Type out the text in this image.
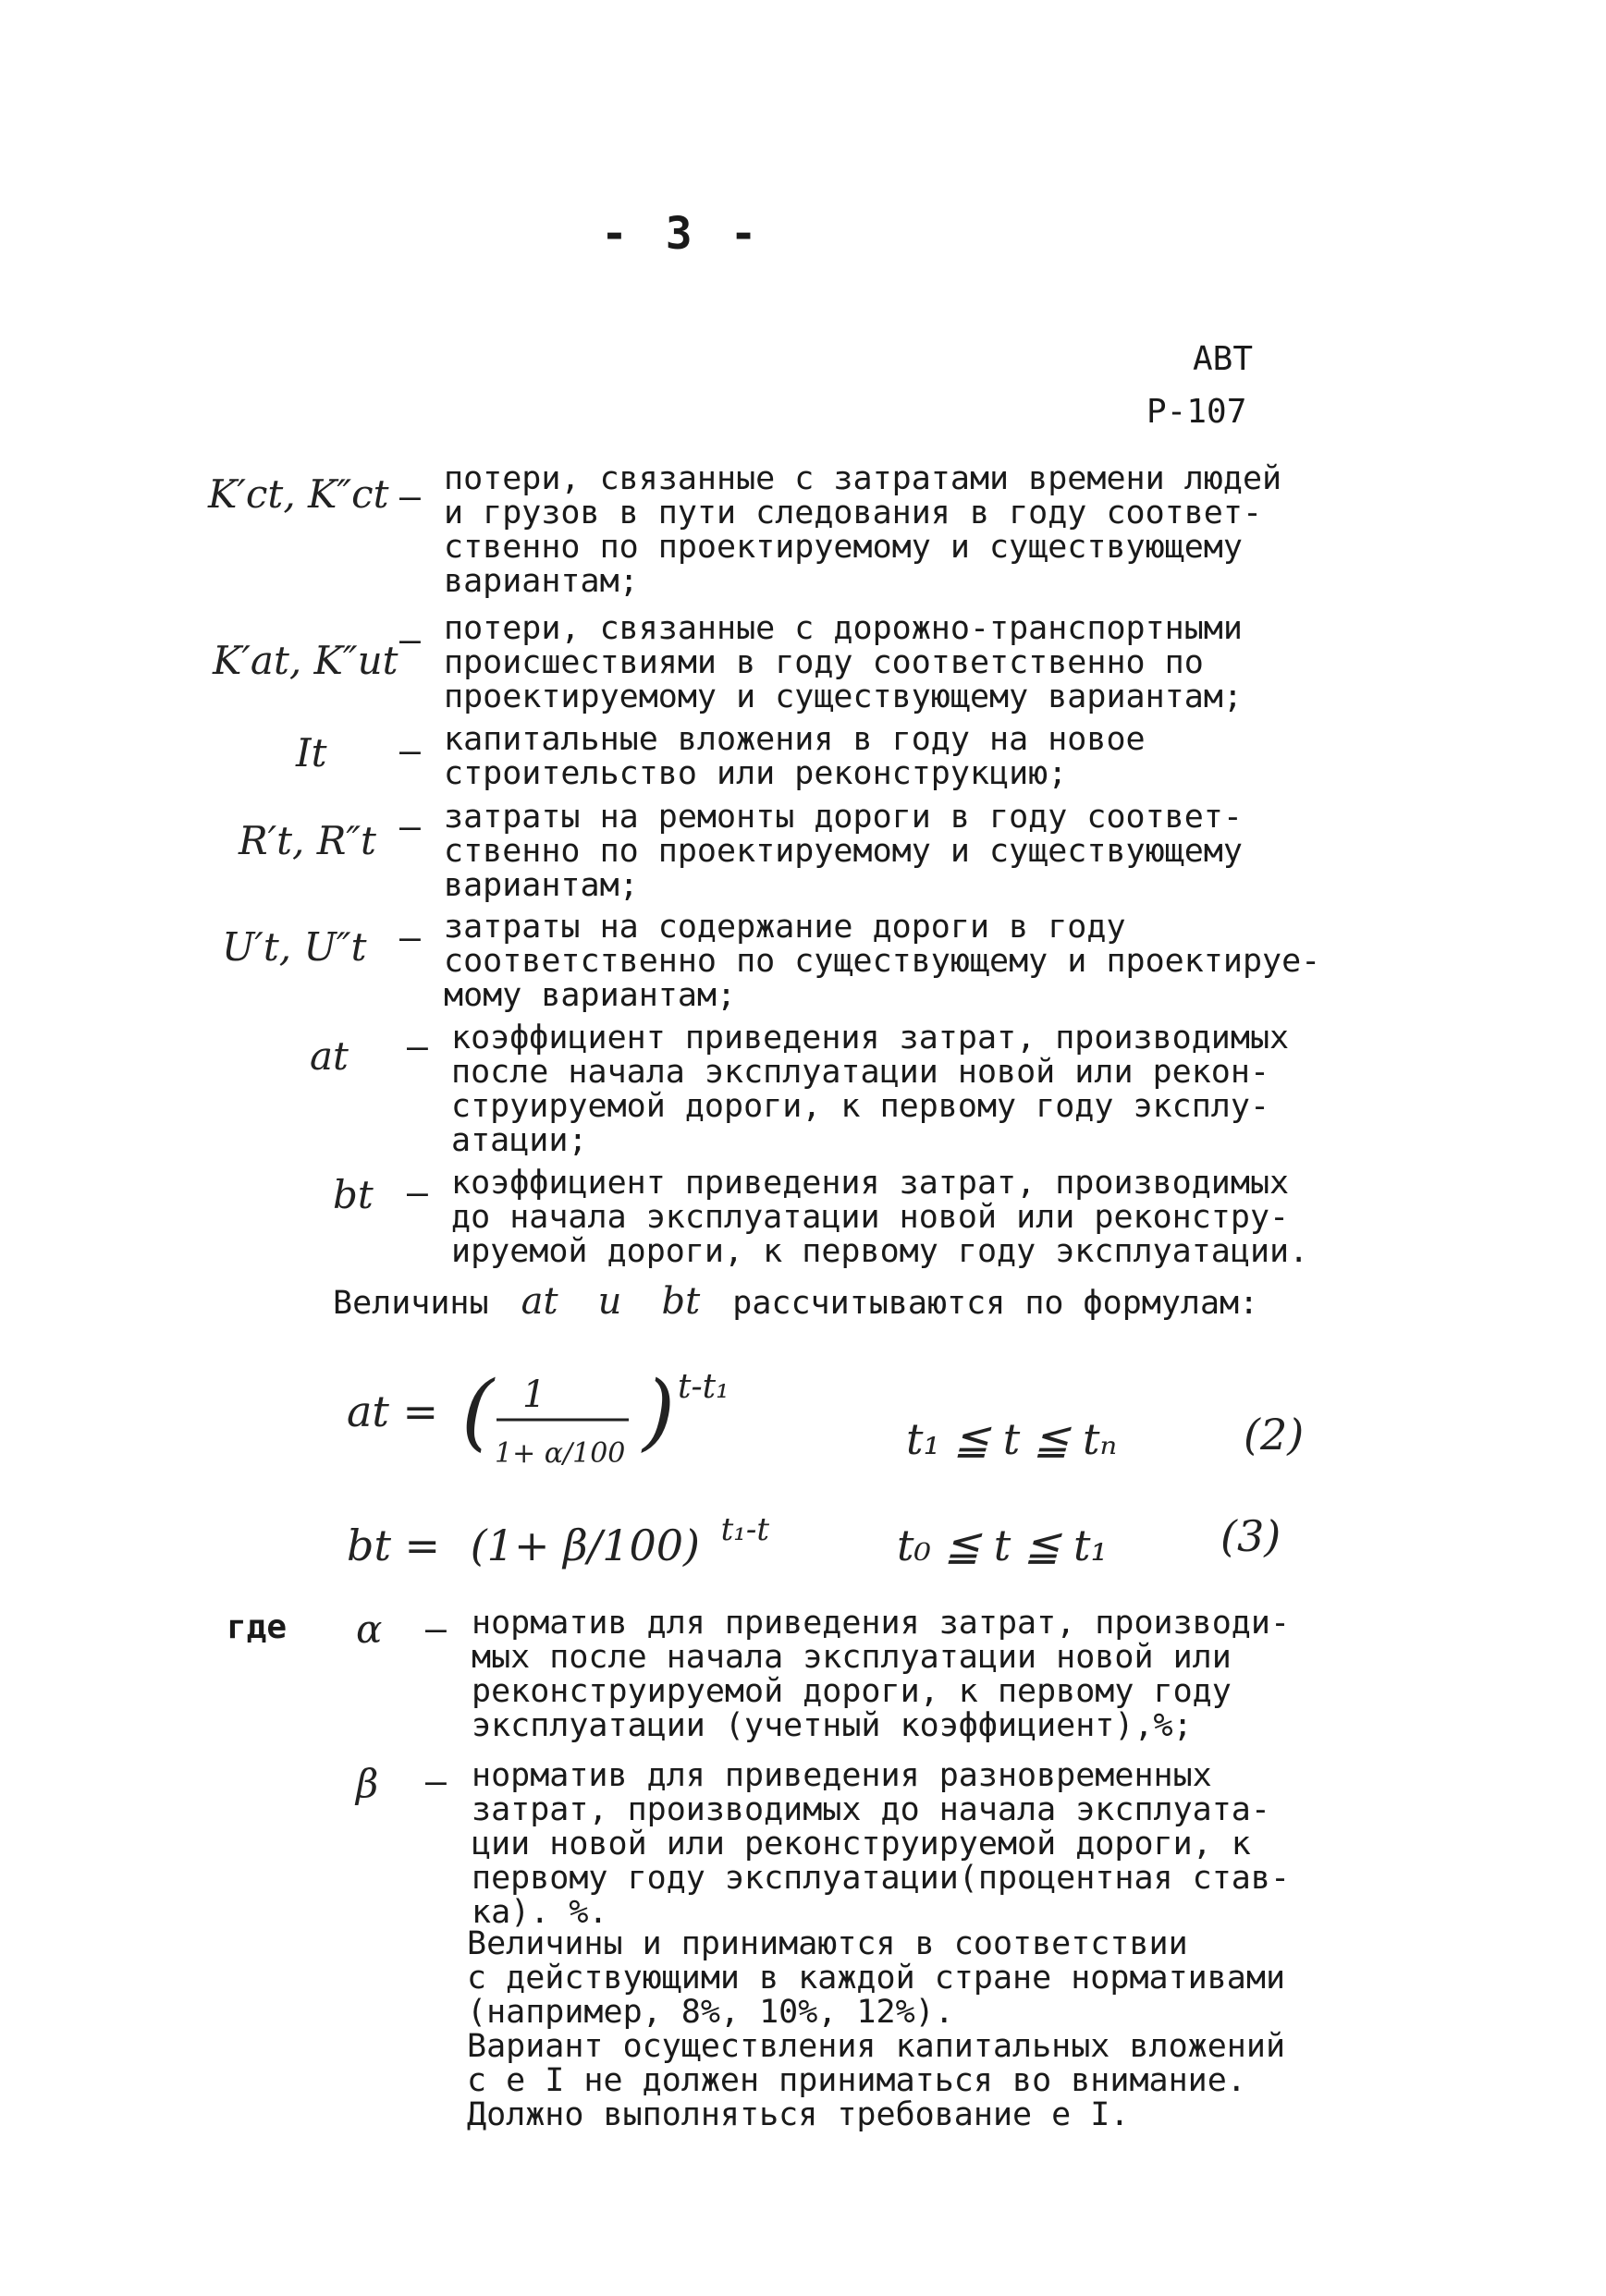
- 3 -
АВТ
Р-107
K′ct, K″ct – потери, связанные с затратами времени людей
и грузов в пути следования в году соответ-
ственно по проектируемому и существующему
вариантам;
K′at, K″ut – потери, связанные с дорожно-транспортными
происшествиями в году соответственно по
проектируемому и существующему вариантам;
It – капитальные вложения в году на новое
строительство или реконструкцию;
R′t, R″t – затраты на ремонты дороги в году соответ-
ственно по проектируемому и существующему
вариантам;
U′t, U″t – затраты на содержание дороги в году
соответственно по существующему и проектируе-
мому вариантам;
at – коэффициент приведения затрат, производимых
после начала эксплуатации новой или рекон-
струируемой дороги, к первому году эксплу-
атации;
bt – коэффициент приведения затрат, производимых
до начала эксплуатации новой или реконстру-
ируемой дороги, к первому году эксплуатации.
Величины at и bt рассчитываются по формулам:
at = ( 1
1+ α/100 ) t-t₁
t₁ ≦ t ≦ tₙ	(2)
bt = (1+ β/100) $^{t_1-t}$	t₀ ≦ t ≦ t₁	(3)
где α – норматив для приведения затрат, производи-
мых после начала эксплуатации новой или
реконструируемой дороги, к первому году
эксплуатации (учетный коэффициент),%;
β – норматив для приведения разновременных
затрат, производимых до начала эксплуата-
ции новой или реконструируемой дороги, к
первому году эксплуатации(процентная став-
ка). %.
Величины и принимаются в соответствии
с действующими в каждой стране нормативами
(например, 8%, 10%, 12%).
Вариант осуществления капитальных вложений
с е I не должен приниматься во внимание.
Должно выполняться требование е I.
